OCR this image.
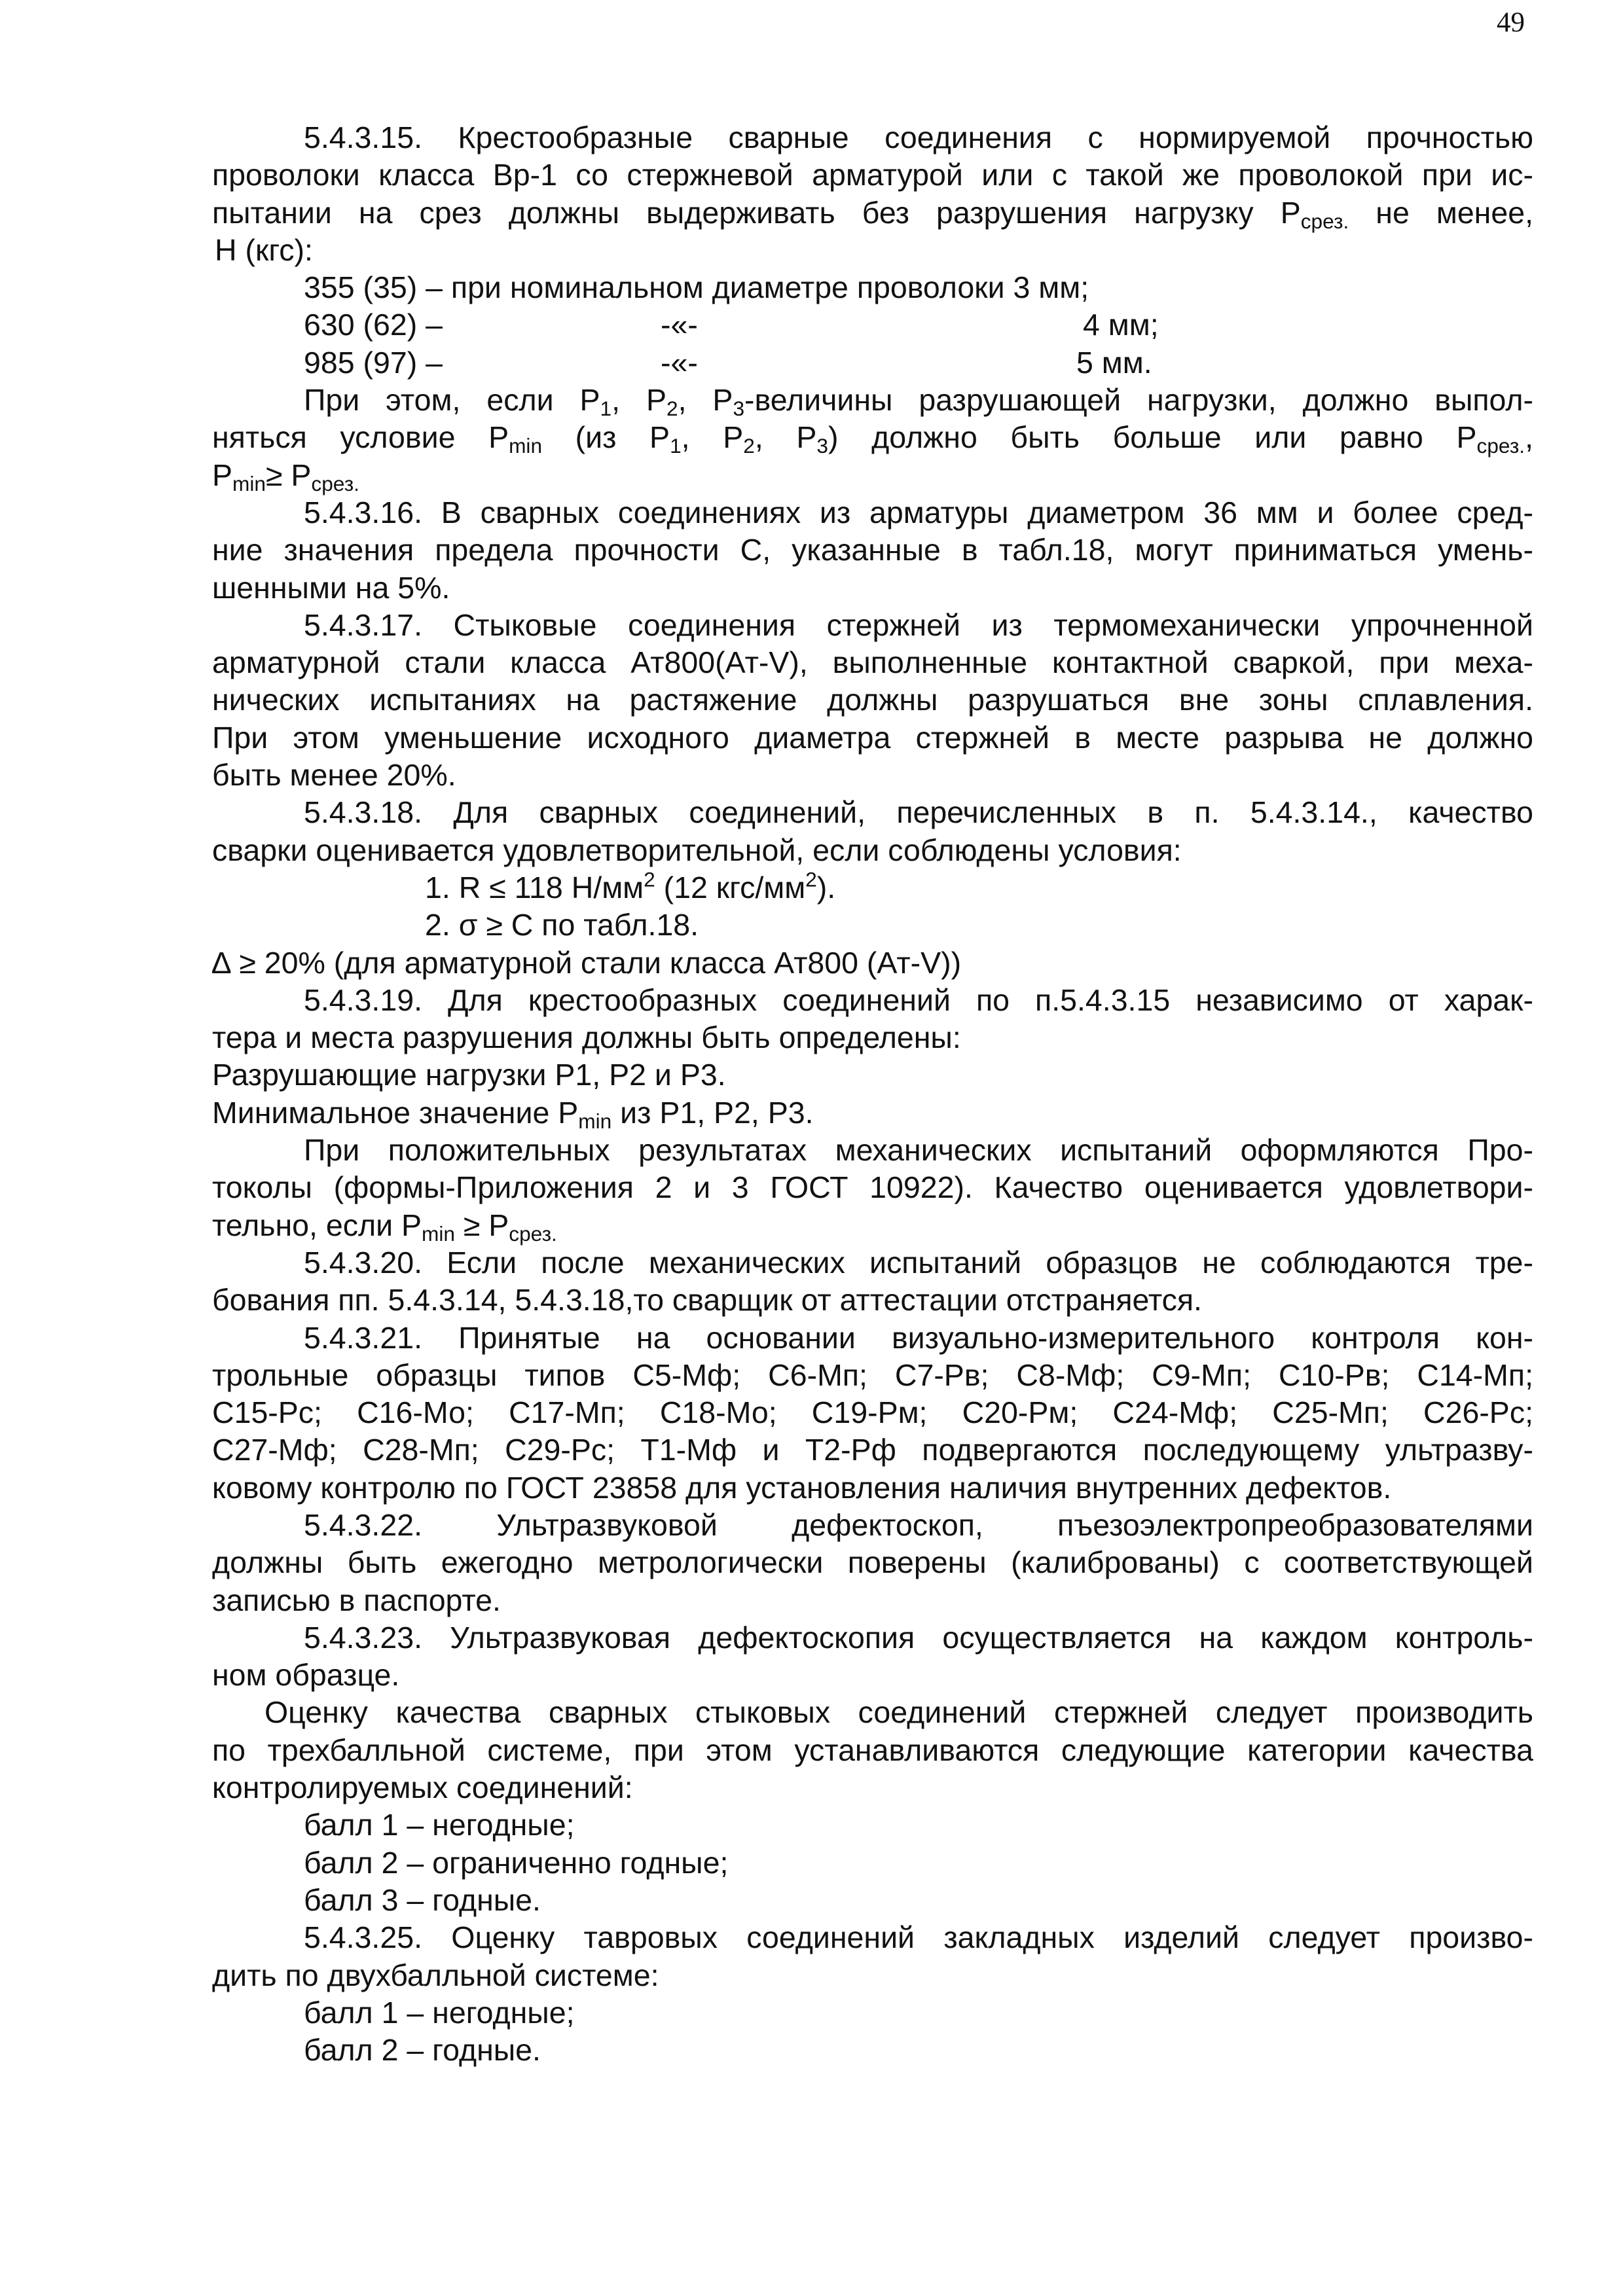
49
5.4.3.15. Крестообразные сварные соединения с нормируемой прочностью
проволоки класса Вр-1 со стержневой арматурой или с такой же проволокой при ис-
пытании на срез должны выдерживать без разрушения нагрузку $P_{срез.}$ не менее,
Н (кгс):
355 (35) – при номинальном диаметре проволоки 3 мм;
630 (62) –	-«-	4 мм;
985 (97) –	-«-	5 мм.
При этом, если $P_1$, $P_2$, $P_3$-величины разрушающей нагрузки, должно выпол-
няться условие $P_{min}$ (из $P_1$, $P_2$, $P_3$) должно быть больше или равно $P_{срез.}$,
$P_{min}\ge P_{срез.}$
5.4.3.16. В сварных соединениях из арматуры диаметром 36 мм и более сред-
ние значения предела прочности С, указанные в табл.18, могут приниматься умень-
шенными на 5%.
5.4.3.17. Стыковые соединения стержней из термомеханически упрочненной
арматурной стали класса Ат800(Ат-V), выполненные контактной сваркой, при меха-
нических испытаниях на растяжение должны разрушаться вне зоны сплавления.
При этом уменьшение исходного диаметра стержней в месте разрыва не должно
быть менее 20%.
5.4.3.18. Для сварных соединений, перечисленных в п. 5.4.3.14., качество
сварки оценивается удовлетворительной, если соблюдены условия:
1. R ≤ 118 $Н/мм^2$ (12 кгс/$мм^2$).
2. σ ≥ С по табл.18.
∆ ≥ 20% (для арматурной стали класса Ат800 (Ат-V))
5.4.3.19. Для крестообразных соединений по п.5.4.3.15 независимо от харак-
тера и места разрушения должны быть определены:
Разрушающие нагрузки Р1, Р2 и Р3.
Минимальное значение $P_{min}$ из Р1, Р2, Р3.
При положительных результатах механических испытаний оформляются Про-
токолы (формы-Приложения 2 и 3 ГОСТ 10922). Качество оценивается удовлетвори-
тельно, если $P_{min} \ge P_{срез.}$
5.4.3.20. Если после механических испытаний образцов не соблюдаются тре-
бования пп. 5.4.3.14, 5.4.3.18,то сварщик от аттестации отстраняется.
5.4.3.21. Принятые на основании визуально-измерительного контроля кон-
трольные образцы типов С5-Мф; С6-Мп; С7-Рв; С8-Мф; С9-Мп; С10-Рв; С14-Мп;
С15-Рс; С16-Мо; С17-Мп; С18-Мо; С19-Рм; С20-Рм; С24-Мф; С25-Мп; С26-Рс;
С27-Мф; С28-Мп; С29-Рс; Т1-Мф и Т2-Рф подвергаются последующему ультразву-
ковому контролю по ГОСТ 23858 для установления наличия внутренних дефектов.
5.4.3.22. Ультразвуковой дефектоскоп, пъезоэлектропреобразователями
должны быть ежегодно метрологически поверены (калиброваны) с соответствующей
записью в паспорте.
5.4.3.23. Ультразвуковая дефектоскопия осуществляется на каждом контроль-
ном образце.
Оценку качества сварных стыковых соединений стержней следует производить
по трехбалльной системе, при этом устанавливаются следующие категории качества
контролируемых соединений:
балл 1 – негодные;
балл 2 – ограниченно годные;
балл 3 – годные.
5.4.3.25. Оценку тавровых соединений закладных изделий следует произво-
дить по двухбалльной системе:
балл 1 – негодные;
балл 2 – годные.
